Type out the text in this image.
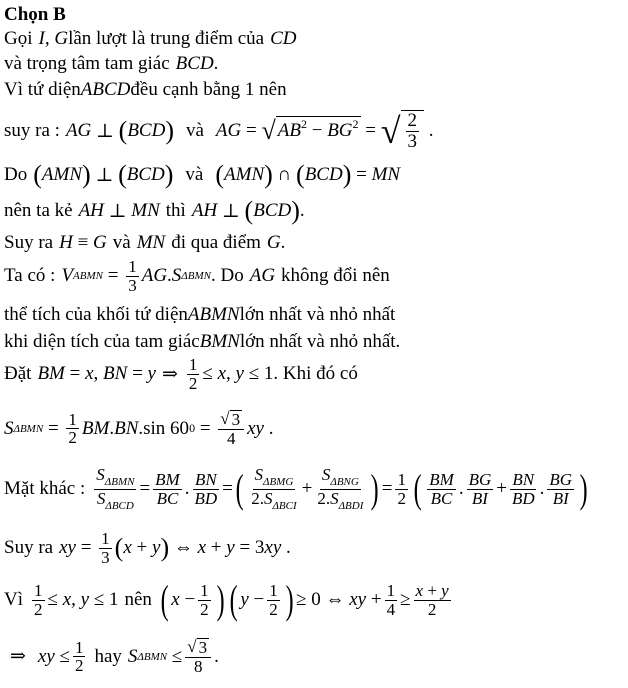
Chọn B
Gọi I, G lần lượt là trung điểm của CD
và trọng tâm tam giác BCD .
Vì tứ diện ABCD đều cạnh bằng 1 nên
suy ra : AG ⊥ ( BCD ) và AG = √ $AB^2 - BG^2$ = √ $\frac{2}{3}$ .
Do ( AMN ) ⊥ ( BCD ) và ( AMN ) ∩ ( BCD ) = MN
nên ta kẻ AH ⊥ MN thì AH ⊥ ( BCD ) .
Suy ra H ≡ G và MN đi qua điểm G .
Ta có : V ABMN = $\frac{1}{3}$ AG . S ΔBMN . Do AG không đổi nên
thể tích của khối tứ diện ABMN lớn nhất và nhỏ nhất
khi diện tích của tam giác BMN lớn nhất và nhỏ nhất.
Đặt BM = x , BN = y ⇒ $\frac{1}{2} \le x$ , y ≤ 1 . Khi đó có
S $\Delta BMN = \frac{1}{2}$ BM . BN .sin 60 $0 = \frac{√ 3}{4}$ xy .
Mặt khác : $\frac{S_{\Delta BMN}}{S_{\Delta BCD}} = \frac{BM}{BC}$ . $\frac{BN}{BD}$ = ( $\frac{S_{\Delta BMG}}{2.S_{\Delta BCI}} + \frac{S_{\Delta BNG}}{2.S_{\Delta BDI}}$ ) = $\frac{1}{2}$ ( $\frac{BM}{BC}$ . $\frac{BG}{BI} + \frac{BN}{BD}$ . $\frac{BG}{BI}$ )
Suy ra xy = $\frac{1}{3}$ ( x + y ) ⇔ x + y = 3 xy .
Vì $\frac{1}{2} \le x$ , y ≤ 1 nên ( $x - \frac{1}{2}$ ) ( $y - \frac{1}{2}$ ) ≥ 0 ⇔ xy + $\frac{1}{4} \ge \frac{x + y}{2}$
⇒ xy ≤ $\frac{1}{2}$ hay S $\Delta BMN \le \frac{√ 3}{8}$ .
